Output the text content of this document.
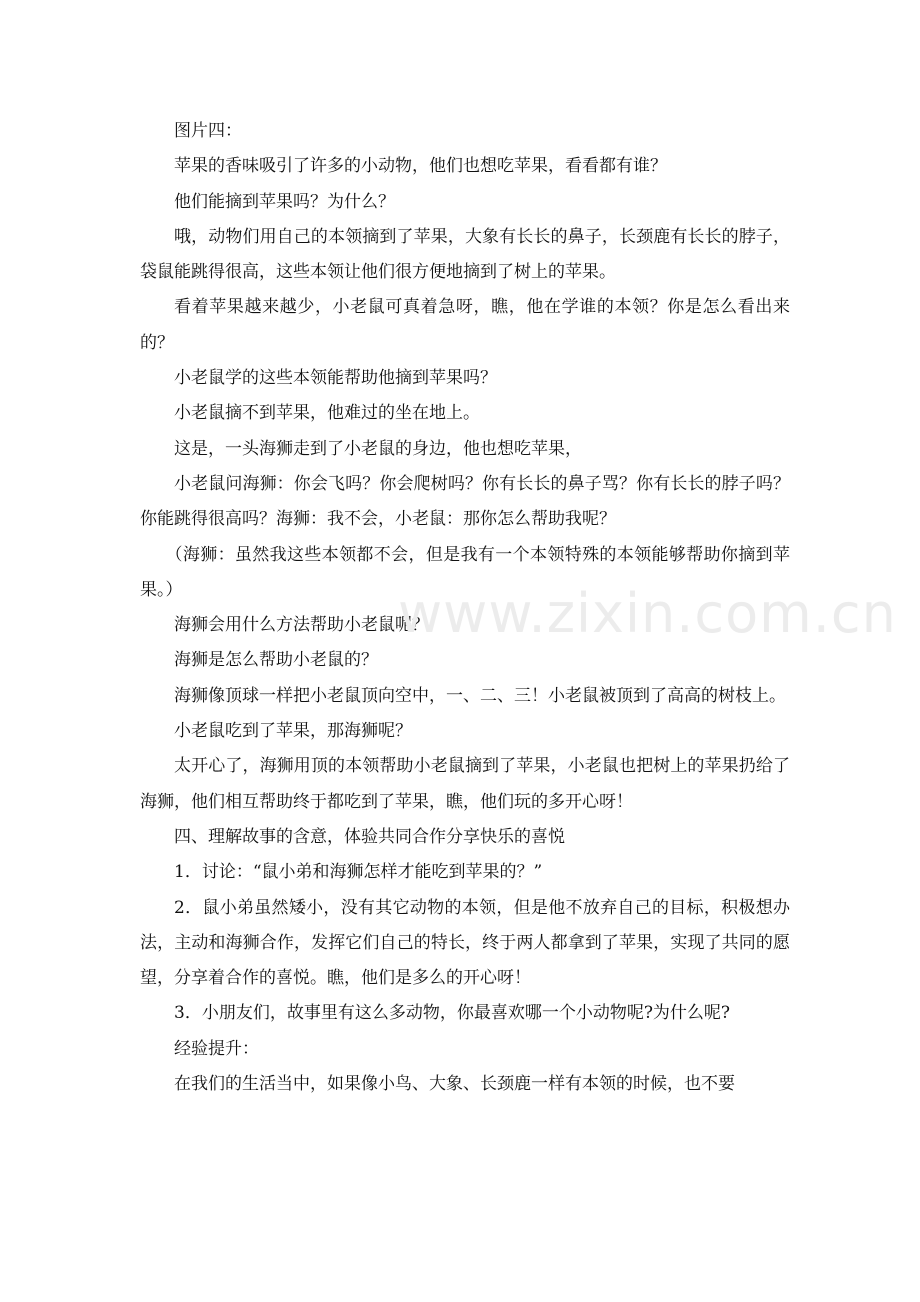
图片四：

苹果的香味吸引了许多的小动物，他们也想吃苹果，看看都有谁？

他们能摘到苹果吗？为什么？

哦，动物们用自己的本领摘到了苹果，大象有长长的鼻子，长颈鹿有长长的脖子，袋鼠能跳得很高，这些本领让他们很方便地摘到了树上的苹果。

看着苹果越来越少，小老鼠可真着急呀，瞧，他在学谁的本领？你是怎么看出来的？

小老鼠学的这些本领能帮助他摘到苹果吗？

小老鼠摘不到苹果，他难过的坐在地上。

这是，一头海狮走到了小老鼠的身边，他也想吃苹果，

小老鼠问海狮：你会飞吗？你会爬树吗？你有长长的鼻子骂？你有长长的脖子吗？你能跳得很高吗？海狮：我不会，小老鼠：那你怎么帮助我呢？

（海狮：虽然我这些本领都不会，但是我有一个本领特殊的本领能够帮助你摘到苹果。）

海狮会用什么方法帮助小老鼠呢？

海狮是怎么帮助小老鼠的？

海狮像顶球一样把小老鼠顶向空中，一、二、三！小老鼠被顶到了高高的树枝上。

小老鼠吃到了苹果，那海狮呢？

太开心了，海狮用顶的本领帮助小老鼠摘到了苹果，小老鼠也把树上的苹果扔给了海狮，他们相互帮助终于都吃到了苹果，瞧，他们玩的多开心呀！

四、理解故事的含意，体验共同合作分享快乐的喜悦

1．讨论：“鼠小弟和海狮怎样才能吃到苹果的？”

2．鼠小弟虽然矮小，没有其它动物的本领，但是他不放弃自己的目标，积极想办法，主动和海狮合作，发挥它们自己的特长，终于两人都拿到了苹果，实现了共同的愿望，分享着合作的喜悦。瞧，他们是多么的开心呀！

3．小朋友们，故事里有这么多动物，你最喜欢哪一个小动物呢?为什么呢?

经验提升：

在我们的生活当中，如果像小鸟、大象、长颈鹿一样有本领的时候，也不要

www.zixin.com.cn
